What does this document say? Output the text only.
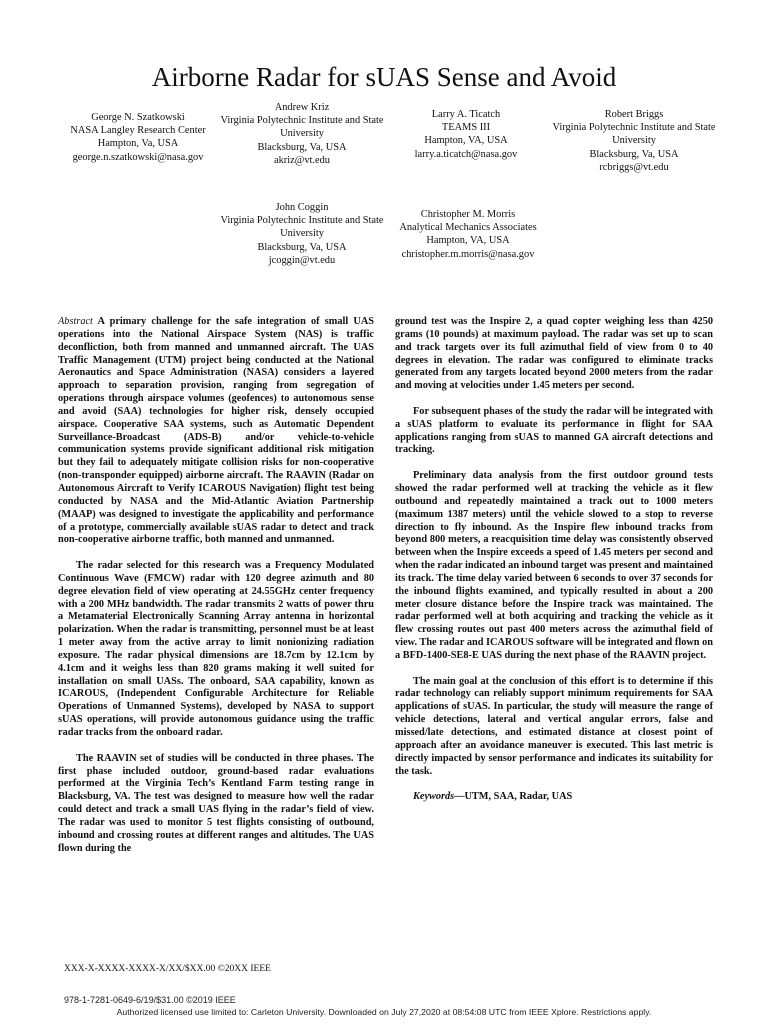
Airborne Radar for sUAS Sense and Avoid
George N. Szatkowski
NASA Langley Research Center
Hampton, Va, USA
george.n.szatkowski@nasa.gov
Andrew Kriz
Virginia Polytechnic Institute and State University
Blacksburg, Va, USA
akriz@vt.edu
Larry A. Ticatch
TEAMS III
Hampton, VA, USA
larry.a.ticatch@nasa.gov
Robert Briggs
Virginia Polytechnic Institute and State University
Blacksburg, Va, USA
rcbriggs@vt.edu
John Coggin
Virginia Polytechnic Institute and State University
Blacksburg, Va, USA
jcoggin@vt.edu
Christopher M. Morris
Analytical Mechanics Associates
Hampton, VA, USA
christopher.m.morris@nasa.gov

Abstract A primary challenge for the safe integration of small UAS operations into the National Airspace System (NAS) is traffic deconfliction, both from manned and unmanned aircraft. The UAS Traffic Management (UTM) project being conducted at the National Aeronautics and Space Administration (NASA) considers a layered approach to separation provision, ranging from segregation of operations through airspace volumes (geofences) to autonomous sense and avoid (SAA) technologies for higher risk, densely occupied airspace. Cooperative SAA systems, such as Automatic Dependent Surveillance-Broadcast (ADS-B) and/or vehicle-to-vehicle communication systems provide significant additional risk mitigation but they fail to adequately mitigate collision risks for non-cooperative (non-transponder equipped) airborne aircraft. The RAAVIN (Radar on Autonomous Aircraft to Verify ICAROUS Navigation) flight test being conducted by NASA and the Mid-Atlantic Aviation Partnership (MAAP) was designed to investigate the applicability and performance of a prototype, commercially available sUAS radar to detect and track non-cooperative airborne traffic, both manned and unmanned.

The radar selected for this research was a Frequency Modulated Continuous Wave (FMCW) radar with 120 degree azimuth and 80 degree elevation field of view operating at 24.55GHz center frequency with a 200 MHz bandwidth. The radar transmits 2 watts of power thru a Metamaterial Electronically Scanning Array antenna in horizontal polarization. When the radar is transmitting, personnel must be at least 1 meter away from the active array to limit nonionizing radiation exposure. The radar physical dimensions are 18.7cm by 12.1cm by 4.1cm and it weighs less than 820 grams making it well suited for installation on small UASs. The onboard, SAA capability, known as ICAROUS, (Independent Configurable Architecture for Reliable Operations of Unmanned Systems), developed by NASA to support sUAS operations, will provide autonomous guidance using the traffic radar tracks from the onboard radar.

The RAAVIN set of studies will be conducted in three phases. The first phase included outdoor, ground-based radar evaluations performed at the Virginia Tech’s Kentland Farm testing range in Blacksburg, VA. The test was designed to measure how well the radar could detect and track a small UAS flying in the radar’s field of view. The radar was used to monitor 5 test flights consisting of outbound, inbound and crossing routes at different ranges and altitudes. The UAS flown during the

ground test was the Inspire 2, a quad copter weighing less than 4250 grams (10 pounds) at maximum payload. The radar was set up to scan and track targets over its full azimuthal field of view from 0 to 40 degrees in elevation. The radar was configured to eliminate tracks generated from any targets located beyond 2000 meters from the radar and moving at velocities under 1.45 meters per second.

For subsequent phases of the study the radar will be integrated with a sUAS platform to evaluate its performance in flight for SAA applications ranging from sUAS to manned GA aircraft detections and tracking.

Preliminary data analysis from the first outdoor ground tests showed the radar performed well at tracking the vehicle as it flew outbound and repeatedly maintained a track out to 1000 meters (maximum 1387 meters) until the vehicle slowed to a stop to reverse direction to fly inbound. As the Inspire flew inbound tracks from beyond 800 meters, a reacquisition time delay was consistently observed between when the Inspire exceeds a speed of 1.45 meters per second and when the radar indicated an inbound target was present and maintained its track. The time delay varied between 6 seconds to over 37 seconds for the inbound flights examined, and typically resulted in about a 200 meter closure distance before the Inspire track was maintained. The radar performed well at both acquiring and tracking the vehicle as it flew crossing routes out past 400 meters across the azimuthal field of view. The radar and ICAROUS software will be integrated and flown on a BFD-1400-SE8-E UAS during the next phase of the RAAVIN project.

The main goal at the conclusion of this effort is to determine if this radar technology can reliably support minimum requirements for SAA applications of sUAS. In particular, the study will measure the range of vehicle detections, lateral and vertical angular errors, false and missed/late detections, and estimated distance at closest point of approach after an avoidance maneuver is executed. This last metric is directly impacted by sensor performance and indicates its suitability for the task.

Keywords—UTM, SAA, Radar, UAS

XXX-X-XXXX-XXXX-X/XX/$XX.00 ©20XX IEEE
978-1-7281-0649-6/19/$31.00 ©2019 IEEE
Authorized licensed use limited to: Carleton University. Downloaded on July 27,2020 at 08:54:08 UTC from IEEE Xplore. Restrictions apply.
